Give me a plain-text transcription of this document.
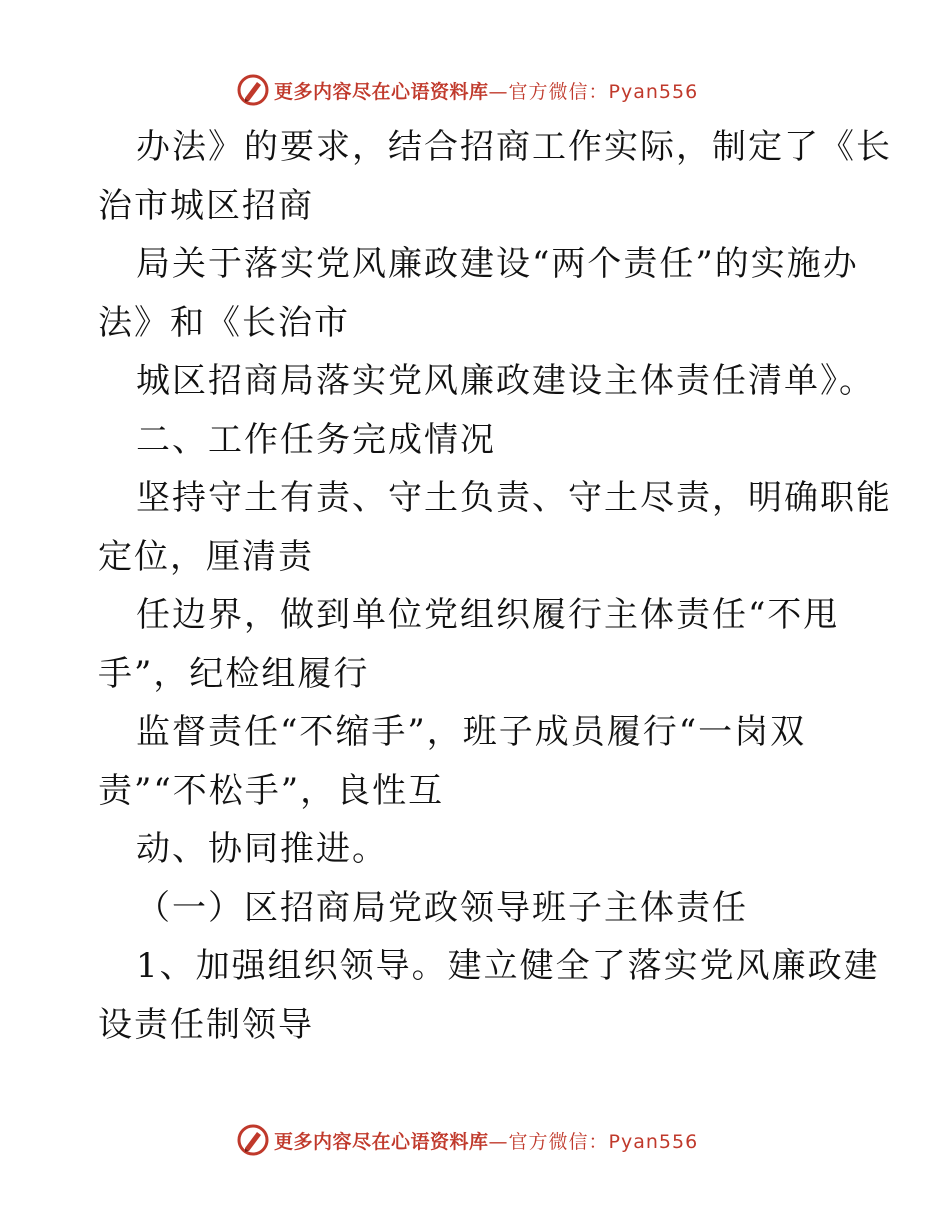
更多内容尽在心语资料库 —官方微信：Pyan556
办法》的要求，结合招商工作实际，制定了《长
治市城区招商
局关于落实党风廉政建设“两个责任”的实施办
法》和《长治市
城区招商局落实党风廉政建设主体责任清单》。
二、工作任务完成情况
坚持守土有责、守土负责、守土尽责，明确职能
定位，厘清责
任边界，做到单位党组织履行主体责任“不甩
手”，纪检组履行
监督责任“不缩手”，班子成员履行“一岗双
责”“不松手”，良性互
动、协同推进。
（一）区招商局党政领导班子主体责任
1、加强组织领导。建立健全了落实党风廉政建
设责任制领导
更多内容尽在心语资料库 —官方微信：Pyan556
